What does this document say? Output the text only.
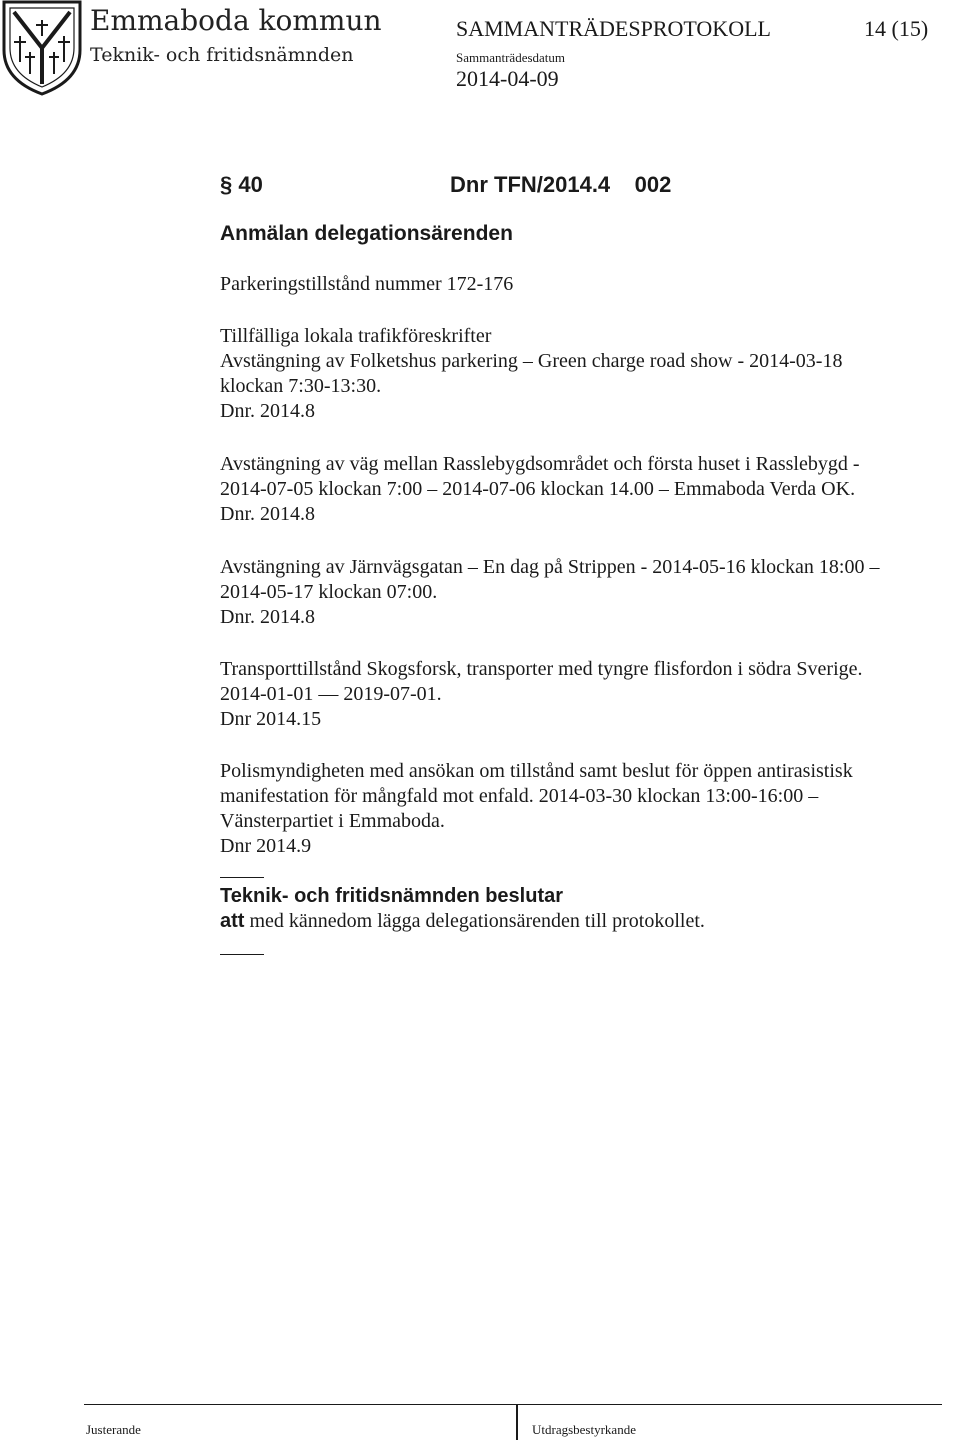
Emmaboda kommun
Teknik- och fritidsnämnden
SAMMANTRÄDESPROTOKOLL	14 (15)
Sammanträdesdatum
2014-04-09
§ 40	Dnr TFN/2014.4    002
Anmälan delegationsärenden

Parkeringstillstånd nummer 172-176

Tillfälliga lokala trafikföreskrifter

Avstängning av Folketshus parkering – Green charge road show - 2014-03-18

klockan 7:30-13:30.

Dnr. 2014.8

Avstängning av väg mellan Rasslebygdsområdet och första huset i Rasslebygd -

2014-07-05 klockan 7:00 – 2014-07-06 klockan 14.00 – Emmaboda Verda OK.

Dnr. 2014.8

Avstängning av Järnvägsgatan – En dag på Strippen - 2014-05-16 klockan 18:00 –

2014-05-17 klockan 07:00.

Dnr. 2014.8

Transporttillstånd Skogsforsk, transporter med tyngre flisfordon i södra Sverige.

2014-01-01 — 2019-07-01.

Dnr 2014.15

Polismyndigheten med ansökan om tillstånd samt beslut för öppen antirasistisk

manifestation för mångfald mot enfald. 2014-03-30 klockan 13:00-16:00 –

Vänsterpartiet i Emmaboda.

Dnr 2014.9

Teknik- och fritidsnämnden beslutar

att med kännedom lägga delegationsärenden till protokollet.

Justerande	Utdragsbestyrkande
